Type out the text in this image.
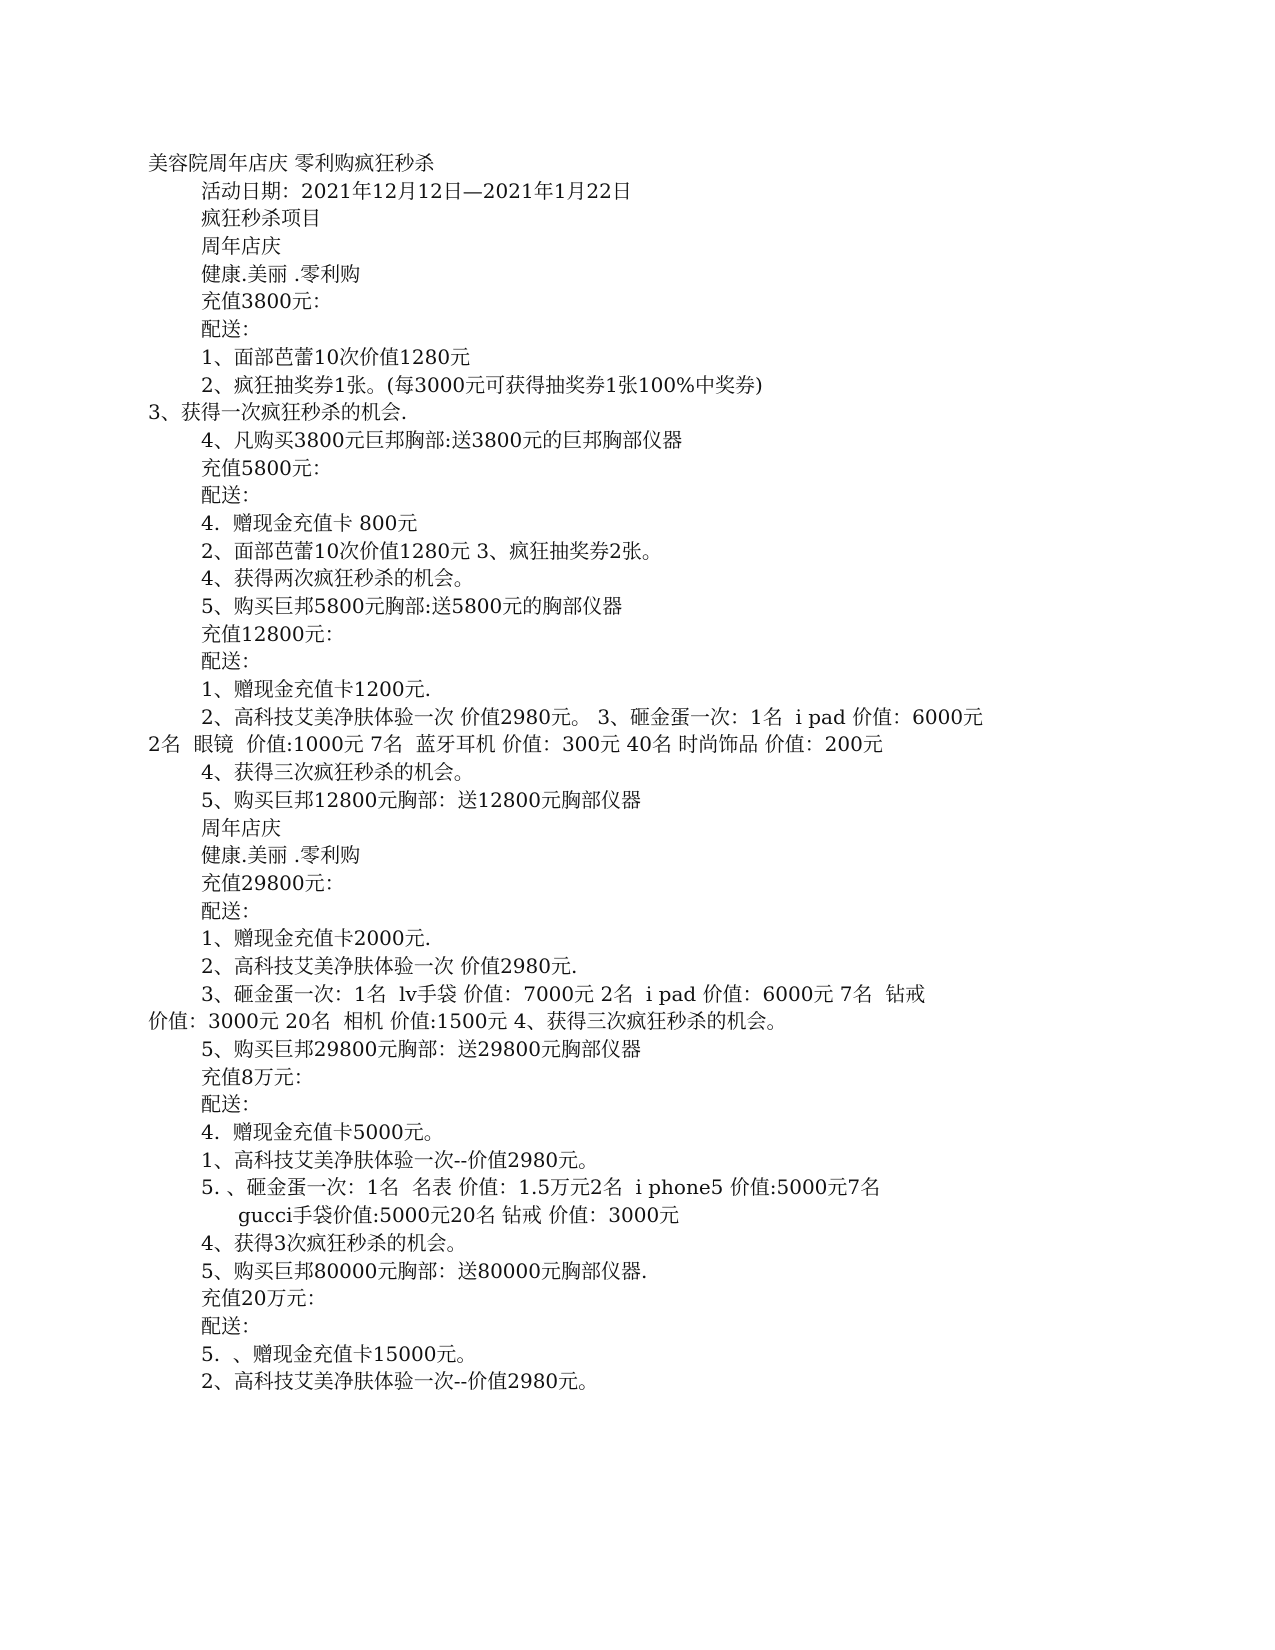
美容院周年店庆 零利购疯狂秒杀
活动日期：2021年12月12日—2021年1月22日
疯狂秒杀项目
周年店庆
健康.美丽 .零利购
充值3800元：
配送：
1、面部芭蕾10次价值1280元
2、疯狂抽奖券1张。(每3000元可获得抽奖券1张100%中奖券)
3、获得一次疯狂秒杀的机会.
4、凡购买3800元巨邦胸部:送3800元的巨邦胸部仪器
充值5800元：
配送：
4.  赠现金充值卡 800元
2、面部芭蕾10次价值1280元 3、疯狂抽奖券2张。
4、获得两次疯狂秒杀的机会。
5、购买巨邦5800元胸部:送5800元的胸部仪器
充值12800元：
配送：
1、赠现金充值卡1200元.
2、高科技艾美净肤体验一次 价值2980元。 3、砸金蛋一次：1名  i pad 价值：6000元
2名  眼镜  价值:1000元 7名  蓝牙耳机 价值：300元 40名 时尚饰品 价值：200元
4、获得三次疯狂秒杀的机会。
5、购买巨邦12800元胸部：送12800元胸部仪器
周年店庆
健康.美丽 .零利购
充值29800元：
配送：
1、赠现金充值卡2000元.
2、高科技艾美净肤体验一次 价值2980元.
3、砸金蛋一次：1名  lv手袋 价值：7000元 2名  i pad 价值：6000元 7名  钻戒
价值：3000元 20名  相机 价值:1500元 4、获得三次疯狂秒杀的机会。
5、购买巨邦29800元胸部：送29800元胸部仪器
充值8万元：
配送：
4.  赠现金充值卡5000元。
1、高科技艾美净肤体验一次--价值2980元。
5. 、砸金蛋一次：1名  名表 价值：1.5万元2名  i phone5 价值:5000元7名
gucci手袋价值:5000元20名 钻戒 价值：3000元
4、获得3次疯狂秒杀的机会。
5、购买巨邦80000元胸部：送80000元胸部仪器.
充值20万元：
配送：
5.  、赠现金充值卡15000元。
2、高科技艾美净肤体验一次--价值2980元。
